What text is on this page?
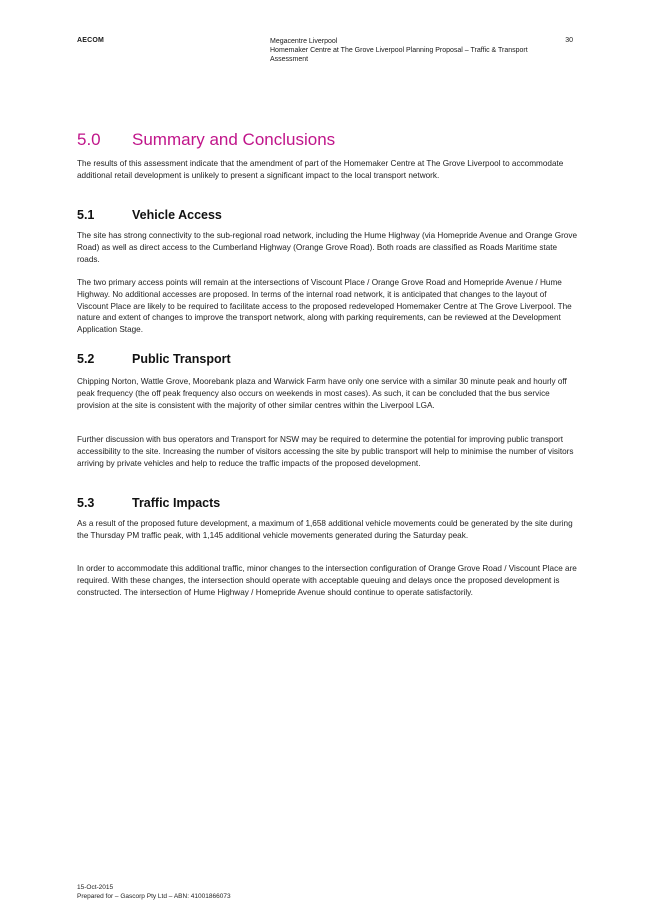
AECOM	Megacentre Liverpool
Homemaker Centre at The Grove Liverpool Planning Proposal – Traffic & Transport Assessment
30
5.0 Summary and Conclusions
The results of this assessment indicate that the amendment of part of the Homemaker Centre at The Grove Liverpool to accommodate additional retail development is unlikely to present a significant impact to the local transport network.
5.1	Vehicle Access
The site has strong connectivity to the sub-regional road network, including the Hume Highway (via Homepride Avenue and Orange Grove Road) as well as direct access to the Cumberland Highway (Orange Grove Road). Both roads are classified as Roads Maritime state roads.
The two primary access points will remain at the intersections of Viscount Place / Orange Grove Road and Homepride Avenue / Hume Highway. No additional accesses are proposed. In terms of the internal road network, it is anticipated that changes to the layout of Viscount Place are likely to be required to facilitate access to the proposed redeveloped Homemaker Centre at The Grove Liverpool. The nature and extent of changes to improve the transport network, along with parking requirements, can be reviewed at the Development Application Stage.
5.2	Public Transport
Chipping Norton, Wattle Grove, Moorebank plaza and Warwick Farm have only one service with a similar 30 minute peak and hourly off peak frequency (the off peak frequency also occurs on weekends in most cases). As such, it can be concluded that the bus service provision at the site is consistent with the majority of other similar centres within the Liverpool LGA.
Further discussion with bus operators and Transport for NSW may be required to determine the potential for improving public transport accessibility to the site. Increasing the number of visitors accessing the site by public transport will help to minimise the number of visitors arriving by private vehicles and help to reduce the traffic impacts of the proposed development.
5.3	Traffic Impacts
As a result of the proposed future development, a maximum of 1,658 additional vehicle movements could be generated by the site during the Thursday PM traffic peak, with 1,145 additional vehicle movements generated during the Saturday peak.
In order to accommodate this additional traffic, minor changes to the intersection configuration of Orange Grove Road / Viscount Place are required. With these changes, the intersection should operate with acceptable queuing and delays once the proposed development is constructed. The intersection of Hume Highway / Homepride Avenue should continue to operate satisfactorily.
15-Oct-2015
Prepared for – Gascorp Pty Ltd – ABN: 41001866073
